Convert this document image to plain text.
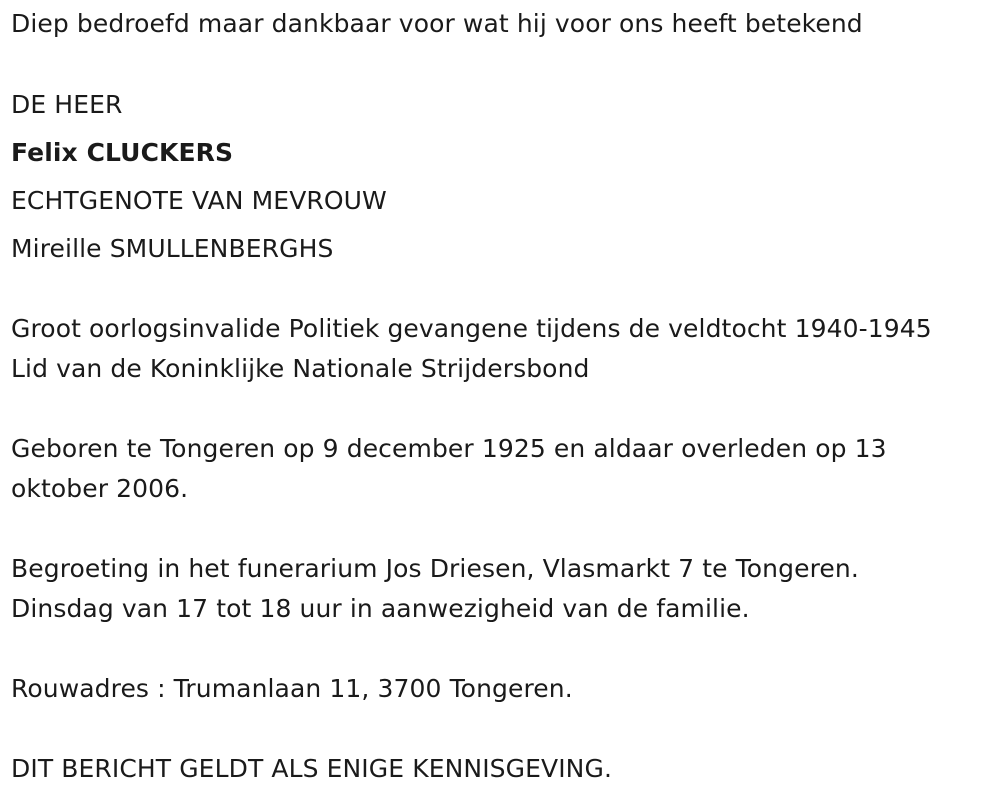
Diep bedroefd maar dankbaar voor wat hij voor ons heeft betekend
DE HEER
Felix CLUCKERS
ECHTGENOTE VAN MEVROUW
Mireille SMULLENBERGHS
Groot oorlogsinvalide Politiek gevangene tijdens de veldtocht 1940-1945
Lid van de Koninklijke Nationale Strijdersbond
Geboren te Tongeren op 9 december 1925 en aldaar overleden op 13
oktober 2006.
Begroeting in het funerarium Jos Driesen, Vlasmarkt 7 te Tongeren.
Dinsdag van 17 tot 18 uur in aanwezigheid van de familie.
Rouwadres : Trumanlaan 11, 3700 Tongeren.
DIT BERICHT GELDT ALS ENIGE KENNISGEVING.
